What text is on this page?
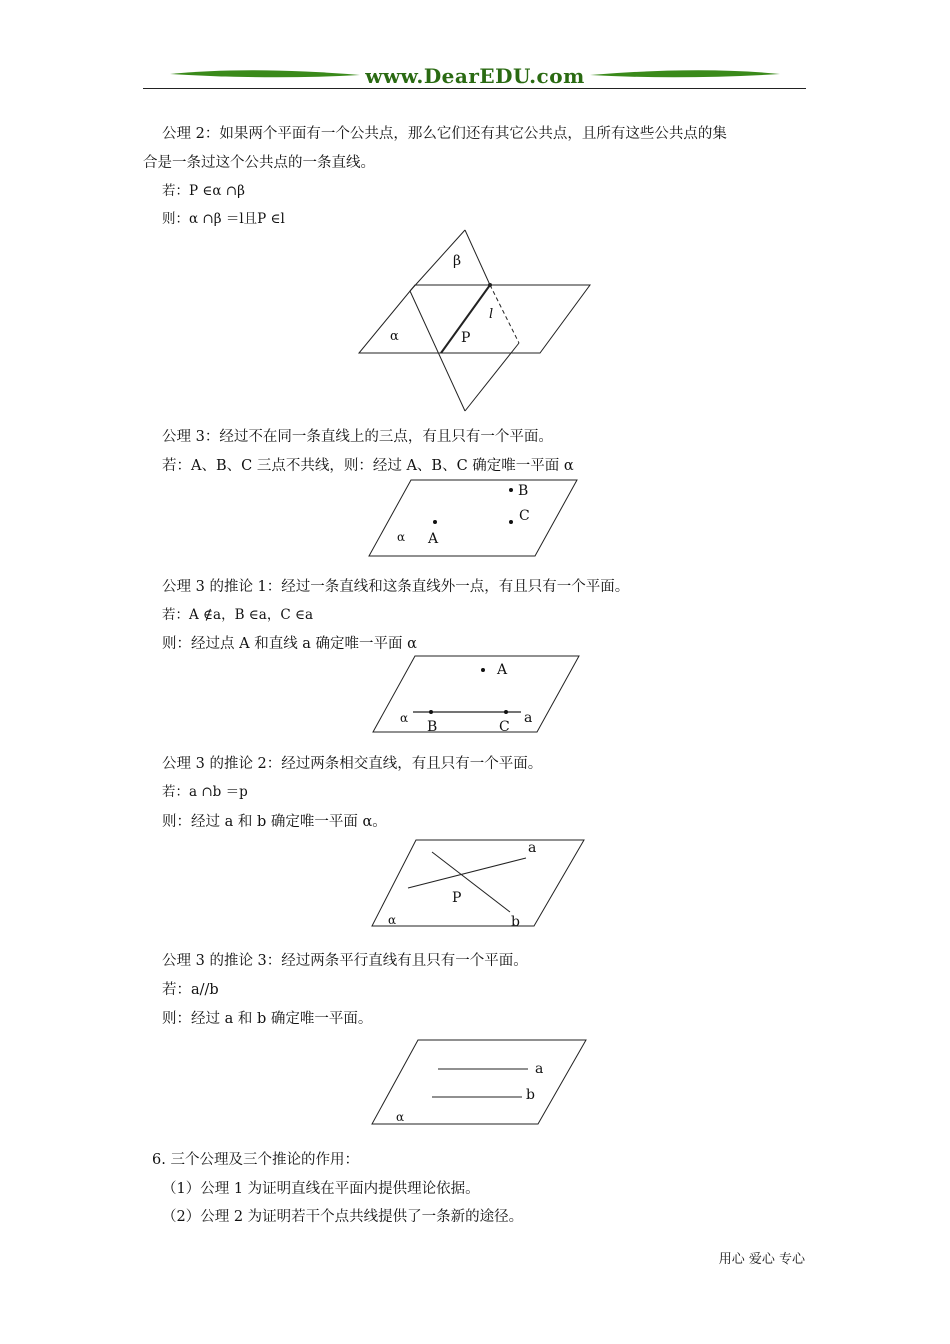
www.DearEDU.com
公理 2：如果两个平面有一个公共点，那么它们还有其它公共点，且所有这些公共点的集
合是一条过这个公共点的一条直线。
若：P ∈α ∩β
则：α ∩β ＝l且P ∈l
β
l
α	P
公理 3：经过不在同一条直线上的三点，有且只有一个平面。
若：A、B、C 三点不共线，则：经过 A、B、C 确定唯一平面 α
B
C
α A
公理 3 的推论 1：经过一条直线和这条直线外一点，有且只有一个平面。
若：A ∉a，B ∈a，C ∈a
则：经过点 A 和直线 a 确定唯一平面 α
A
α
B	C
a
公理 3 的推论 2：经过两条相交直线，有且只有一个平面。
若：a ∩b ＝p
则：经过 a 和 b 确定唯一平面 α。
a
P
α	b
公理 3 的推论 3：经过两条平行直线有且只有一个平面。
若：a//b
则：经过 a 和 b 确定唯一平面。
a
b
α
6. 三个公理及三个推论的作用：
（1）公理 1 为证明直线在平面内提供理论依据。
（2）公理 2 为证明若干个点共线提供了一条新的途径。
用心 爱心 专心
